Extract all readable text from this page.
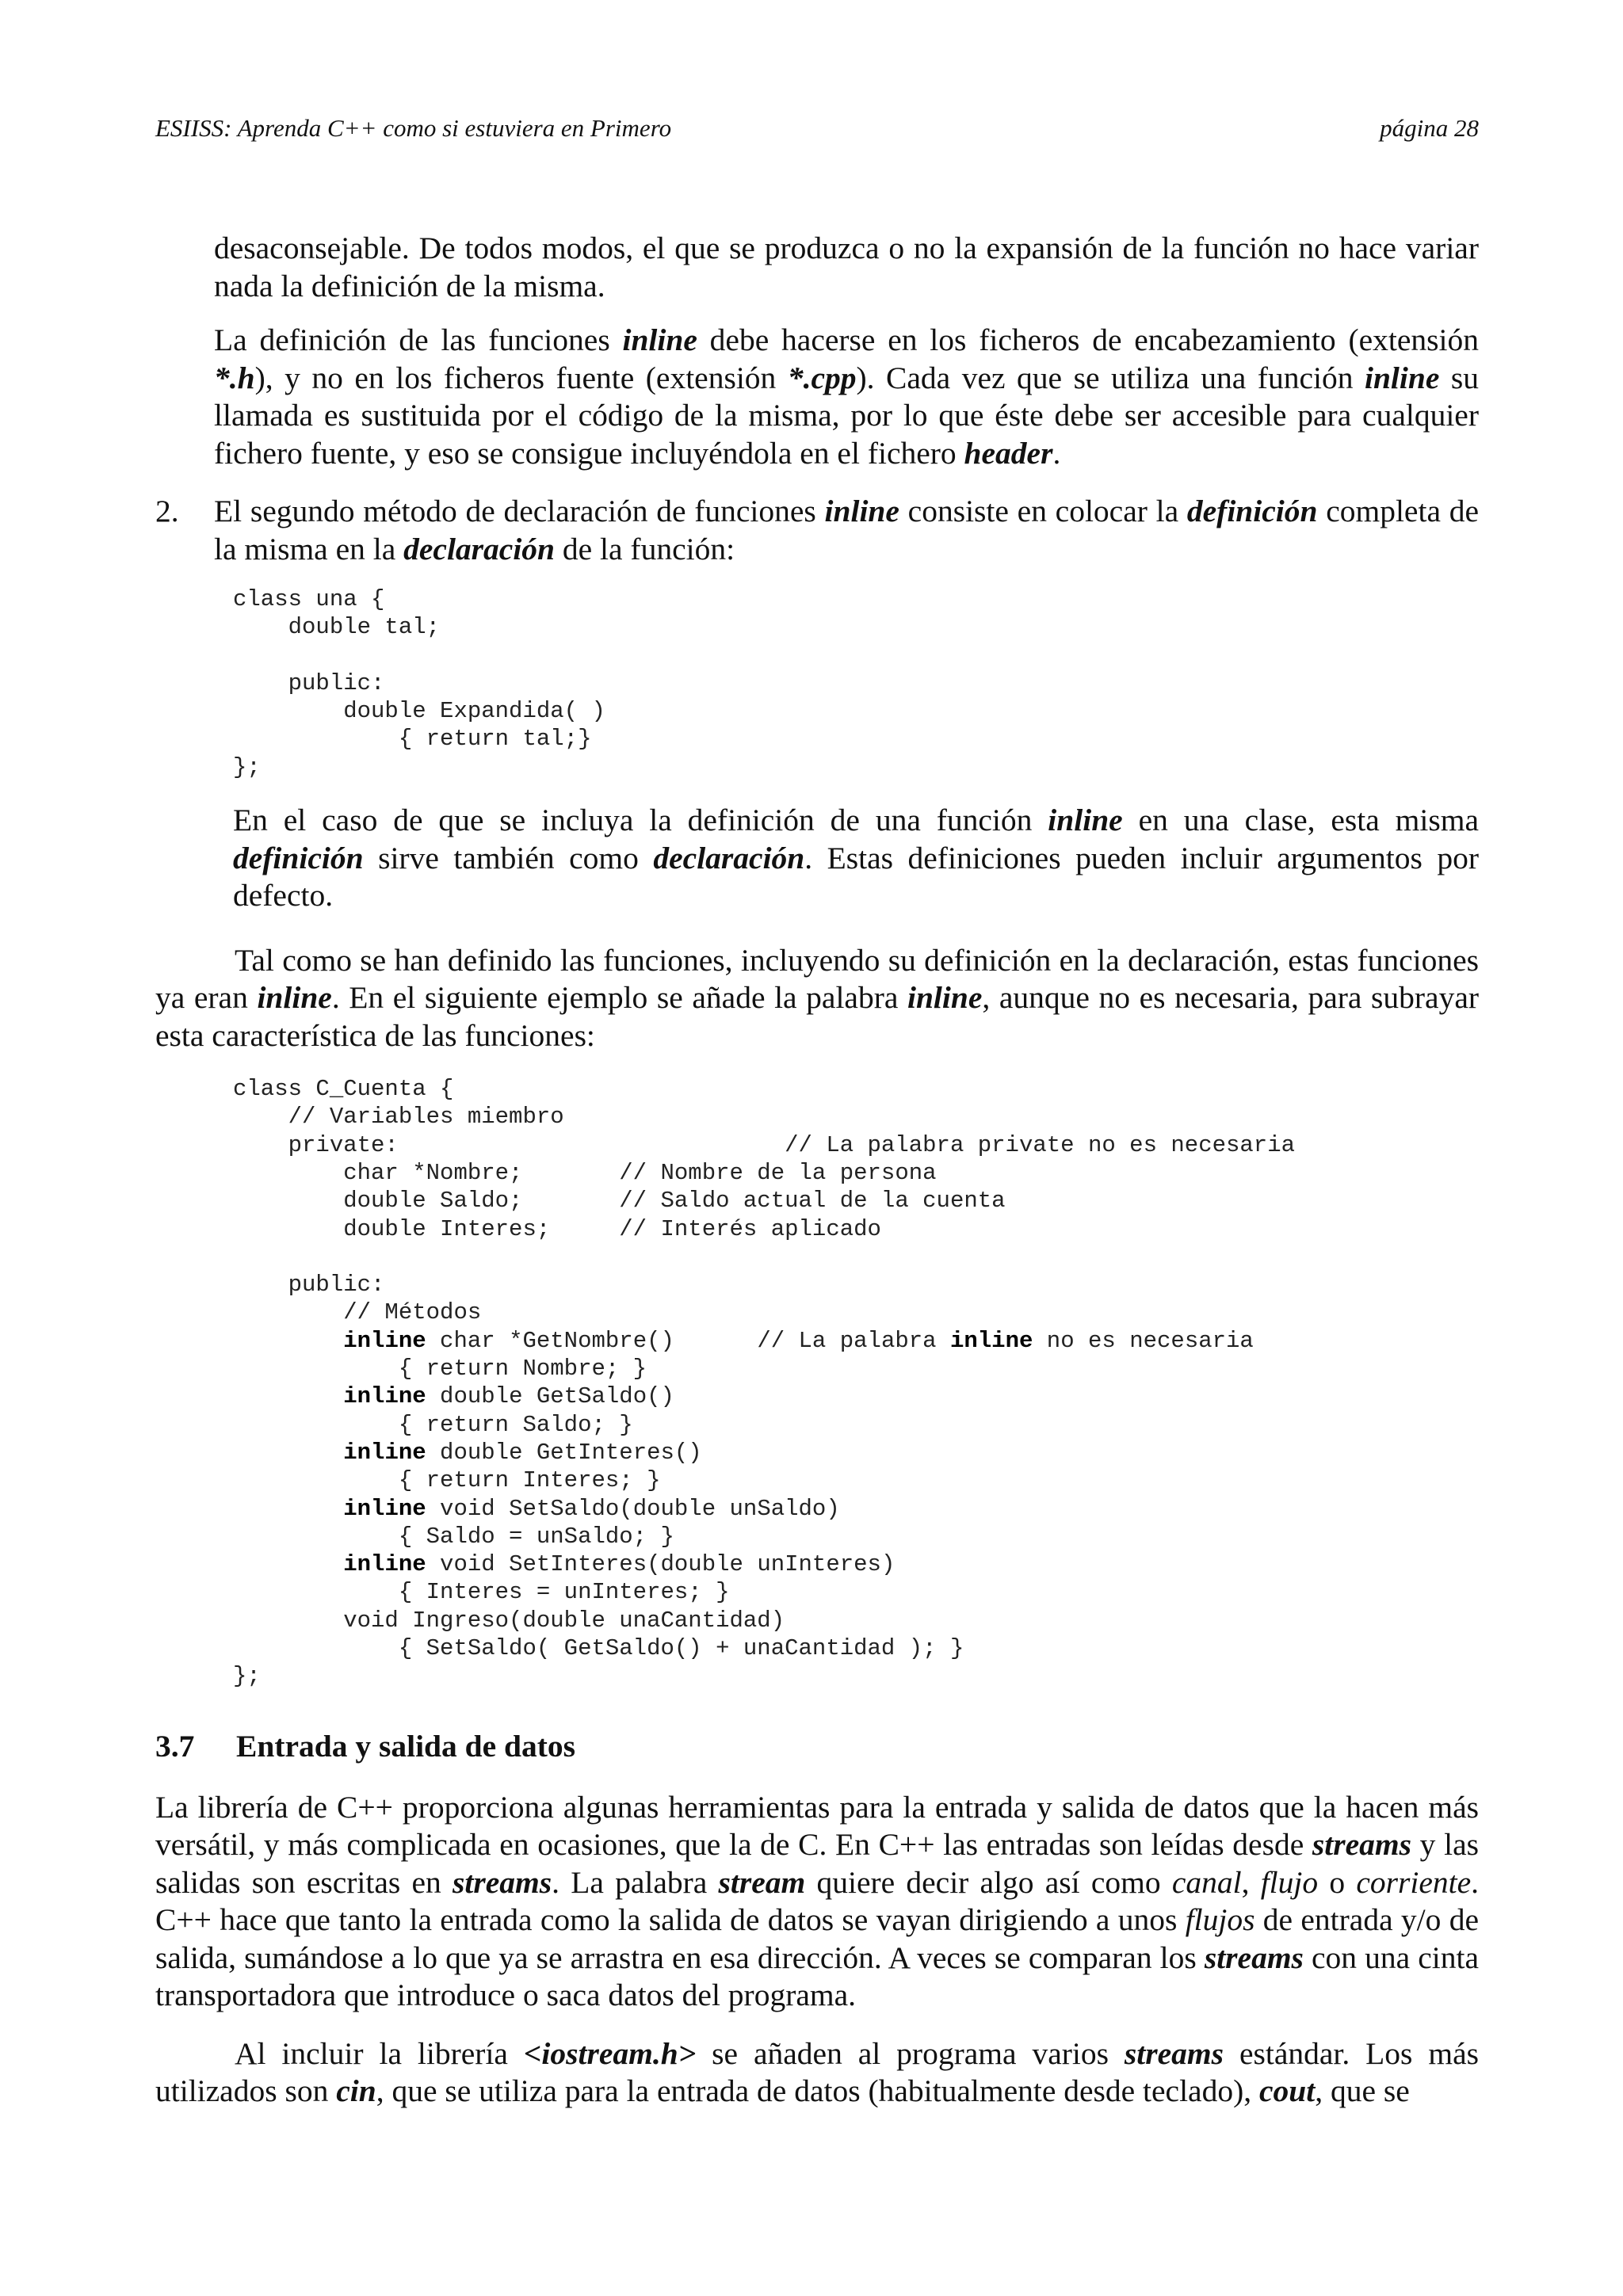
ESIISS: Aprenda C++ como si estuviera en Primero	página 28

desaconsejable. De todos modos, el que se produzca o no la expansión de la función no hace variar nada la definición de la misma.

La definición de las funciones inline debe hacerse en los ficheros de encabezamiento (extensión *.h), y no en los ficheros fuente (extensión *.cpp). Cada vez que se utiliza una función inline su llamada es sustituida por el código de la misma, por lo que éste debe ser accesible para cualquier fichero fuente, y eso se consigue incluyéndola en el fichero header.

2. El segundo método de declaración de funciones inline consiste en colocar la definición completa de la misma en la declaración de la función:

class una {
double tal;

public:
double Expandida( )
{ return tal;}
};

En el caso de que se incluya la definición de una función inline en una clase, esta misma definición sirve también como declaración. Estas definiciones pueden incluir argumentos por defecto.

Tal como se han definido las funciones, incluyendo su definición en la declaración, estas funciones ya eran inline. En el siguiente ejemplo se añade la palabra inline, aunque no es necesaria, para subrayar esta característica de las funciones:

class C_Cuenta {
// Variables miembro
private:                            // La palabra private no es necesaria
char *Nombre;       // Nombre de la persona
double Saldo;       // Saldo actual de la cuenta
double Interes;     // Interés aplicado

public:
// Métodos
inline char *GetNombre()      // La palabra inline no es necesaria
{ return Nombre; }
inline double GetSaldo()
{ return Saldo; }
inline double GetInteres()
{ return Interes; }
inline void SetSaldo(double unSaldo)
{ Saldo = unSaldo; }
inline void SetInteres(double unInteres)
{ Interes = unInteres; }
void Ingreso(double unaCantidad)
{ SetSaldo( GetSaldo() + unaCantidad ); }
};
3.7 Entrada y salida de datos

La librería de C++ proporciona algunas herramientas para la entrada y salida de datos que la hacen más versátil, y más complicada en ocasiones, que la de C. En C++ las entradas son leídas desde streams y las salidas son escritas en streams. La palabra stream quiere decir algo así como canal, flujo o corriente. C++ hace que tanto la entrada como la salida de datos se vayan dirigiendo a unos flujos de entrada y/o de salida, sumándose a lo que ya se arrastra en esa dirección. A veces se comparan los streams con una cinta transportadora que introduce o saca datos del programa.

Al incluir la librería <iostream.h> se añaden al programa varios streams estándar. Los más utilizados son cin, que se utiliza para la entrada de datos (habitualmente desde teclado), cout, que se
